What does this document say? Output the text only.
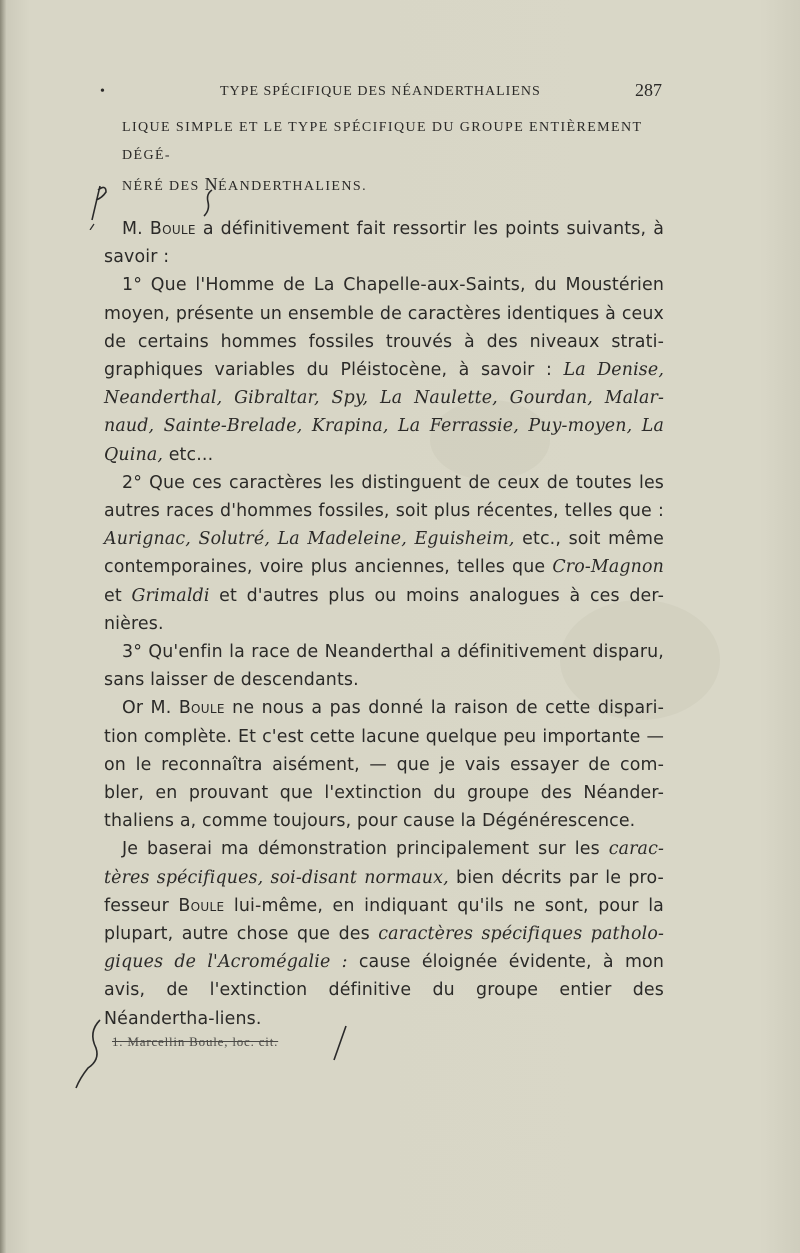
•	TYPE SPÉCIFIQUE DES NÉANDERTHALIENS	287

LIQUE SIMPLE ET LE TYPE SPÉCIFIQUE DU GROUPE ENTIÈREMENT DÉGÉ-

NÉRÉ DES NÉANDERTHALIENS.

M. Boule a définitivement fait ressortir les points suivants, à savoir :

1° Que l'Homme de La Chapelle-aux-Saints, du Moustérien moyen, présente un ensemble de caractères identiques à ceux de certains hommes fossiles trouvés à des niveaux strati-graphiques variables du Pléistocène, à savoir : La Denise, Neanderthal, Gibraltar, Spy, La Naulette, Gourdan, Malar-naud, Sainte-Brelade, Krapina, La Ferrassie, Puy-moyen, La Quina, etc...

2° Que ces caractères les distinguent de ceux de toutes les autres races d'hommes fossiles, soit plus récentes, telles que : Aurignac, Solutré, La Madeleine, Eguisheim, etc., soit même contemporaines, voire plus anciennes, telles que Cro-Magnon et Grimaldi et d'autres plus ou moins analogues à ces der-nières.

3° Qu'enfin la race de Neanderthal a définitivement disparu, sans laisser de descendants.

Or M. Boule ne nous a pas donné la raison de cette dispari-tion complète. Et c'est cette lacune quelque peu importante — on le reconnaîtra aisément, — que je vais essayer de com-bler, en prouvant que l'extinction du groupe des Néander-thaliens a, comme toujours, pour cause la Dégénérescence.

Je baserai ma démonstration principalement sur les carac-tères spécifiques, soi-disant normaux, bien décrits par le pro-fesseur Boule lui-même, en indiquant qu'ils ne sont, pour la plupart, autre chose que des caractères spécifiques patholo-giques de l'Acromégalie : cause éloignée évidente, à mon avis, de l'extinction définitive du groupe entier des Néandertha-liens.

1. Marcellin Boule, loc. cit.
